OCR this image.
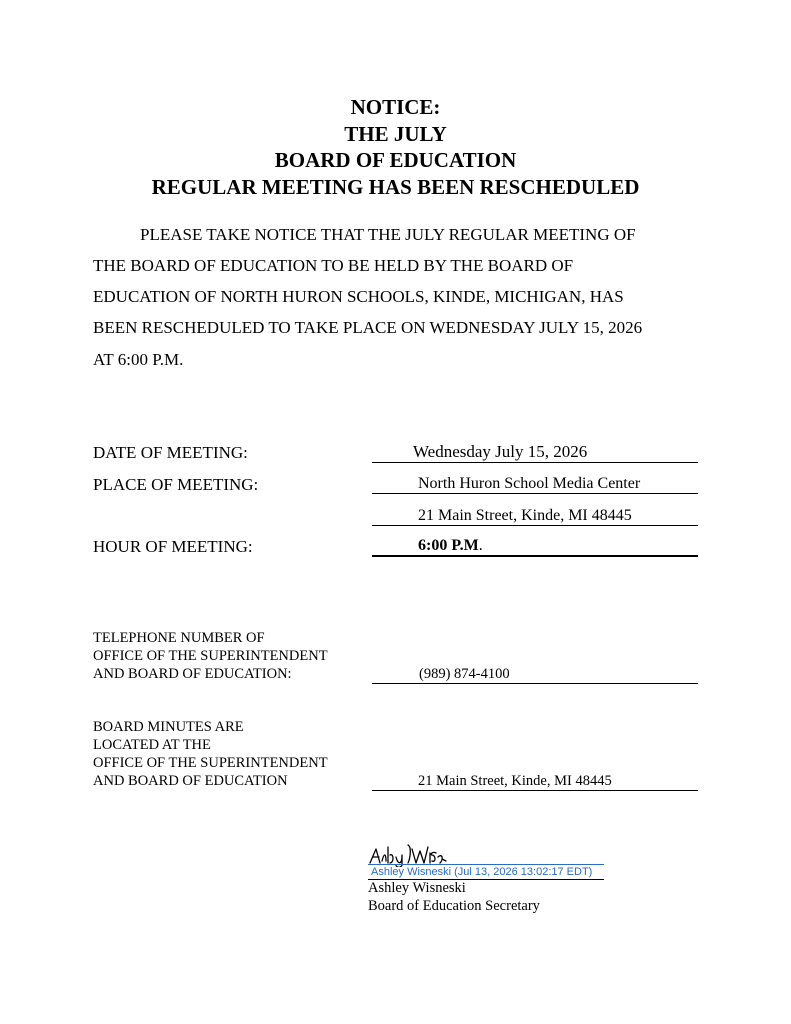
NOTICE:
THE JULY
BOARD OF EDUCATION
REGULAR MEETING HAS BEEN RESCHEDULED
PLEASE TAKE NOTICE THAT THE JULY REGULAR MEETING OF
THE BOARD OF EDUCATION TO BE HELD BY THE BOARD OF
EDUCATION OF NORTH HURON SCHOOLS, KINDE, MICHIGAN, HAS
BEEN RESCHEDULED TO TAKE PLACE ON WEDNESDAY JULY 15, 2026
AT 6:00 P.M.
DATE OF MEETING:	Wednesday July 15, 2026
PLACE OF MEETING:	North Huron School Media Center
21 Main Street, Kinde, MI 48445
HOUR OF MEETING:	6:00 P.M.
TELEPHONE NUMBER OF
OFFICE OF THE SUPERINTENDENT
AND BOARD OF EDUCATION:	(989) 874-4100
BOARD MINUTES ARE
LOCATED AT THE
OFFICE OF THE SUPERINTENDENT
AND BOARD OF EDUCATION	21 Main Street, Kinde, MI 48445
Ashley Wisneski (Jul 13, 2026 13:02:17 EDT)
Ashley Wisneski
Board of Education Secretary
